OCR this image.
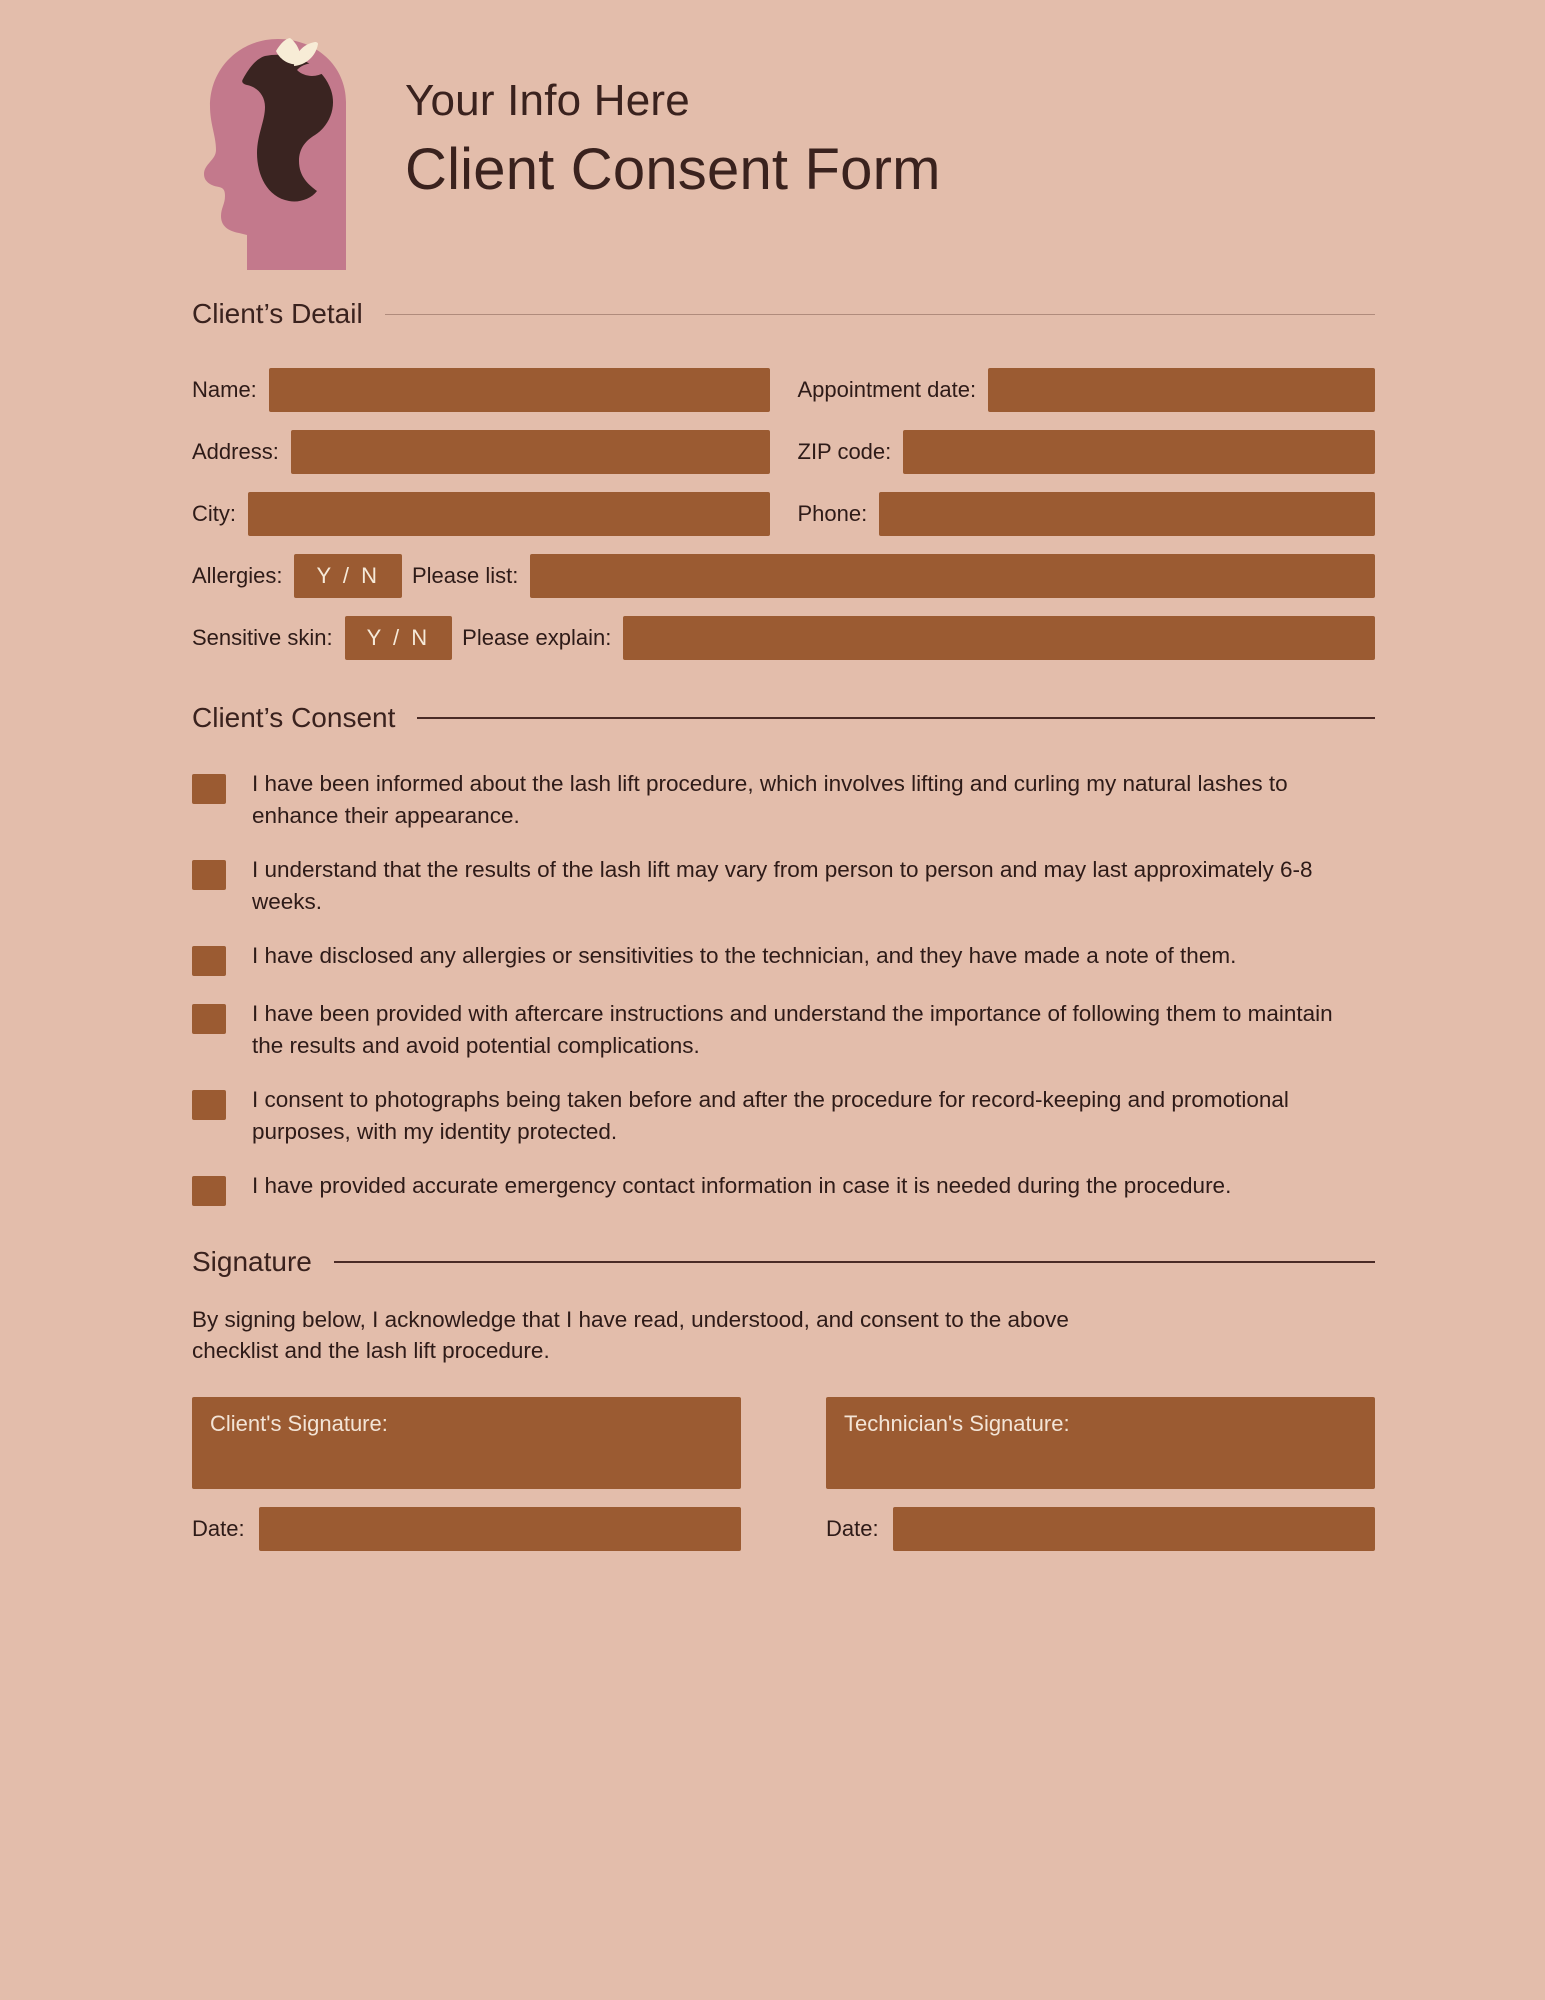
Your Info Here
Client Consent Form
Client’s Detail
Name:	Appointment date:
Address:	ZIP code:
City:	Phone:
Allergies:	Y / N	Please list:
Sensitive skin:	Y / N	Please explain:
Client’s Consent
I have been informed about the lash lift procedure, which involves lifting and curling my natural lashes to enhance their appearance.
I understand that the results of the lash lift may vary from person to person and may last approximately 6-8 weeks.
I have disclosed any allergies or sensitivities to the technician, and they have made a note of them.
I have been provided with aftercare instructions and understand the importance of following them to maintain the results and avoid potential complications.
I consent to photographs being taken before and after the procedure for record-keeping and promotional purposes, with my identity protected.
I have provided accurate emergency contact information in case it is needed during the procedure.
Signature
By signing below, I acknowledge that I have read, understood, and consent to the above checklist and the lash lift procedure.
Client's Signature:
Date:
Technician's Signature:
Date:
